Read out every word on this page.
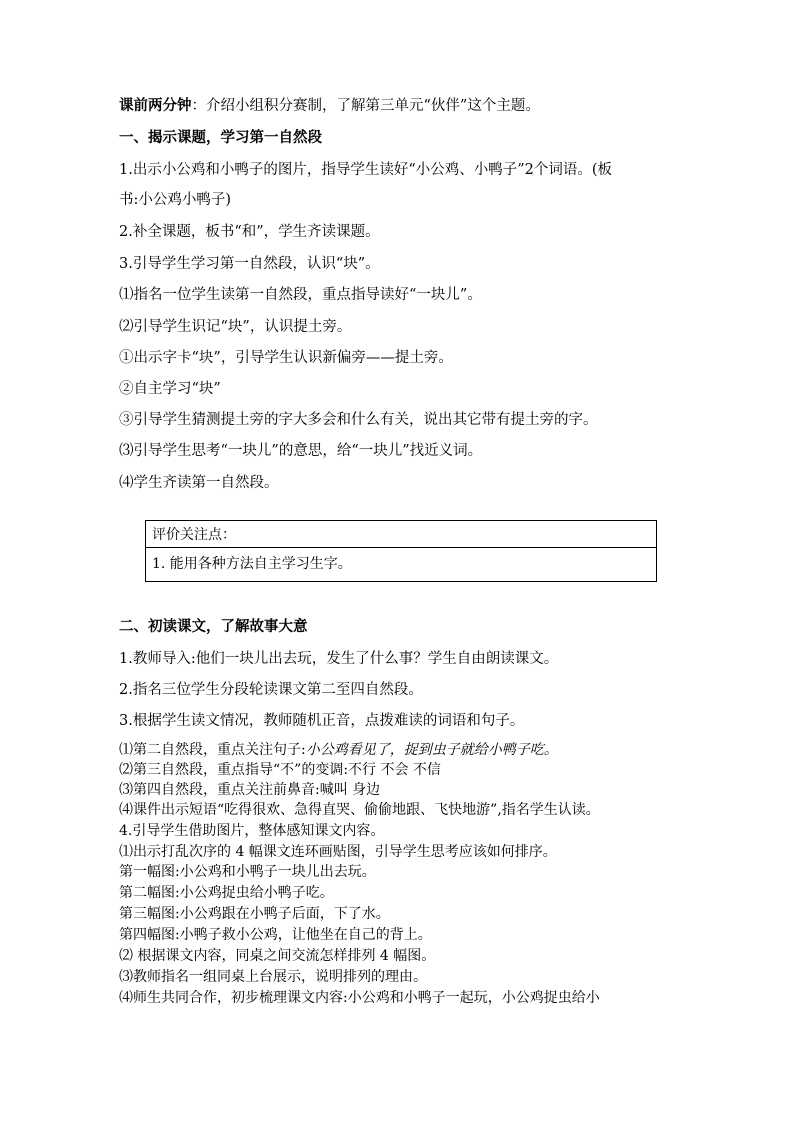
课前两分钟：介绍小组积分赛制，了解第三单元“伙伴”这个主题。
一、揭示课题，学习第一自然段
1.出示小公鸡和小鸭子的图片，指导学生读好“小公鸡、小鸭子”2个词语。(板
书:小公鸡小鸭子)
2.补全课题，板书“和”，学生齐读课题。
3.引导学生学习第一自然段，认识“块”。
⑴指名一位学生读第一自然段，重点指导读好“一块儿”。
⑵引导学生识记“块”，认识提土旁。
①出示字卡“块”，引导学生认识新偏旁——提土旁。
②自主学习“块”
③引导学生猜测提土旁的字大多会和什么有关，说出其它带有提土旁的字。
⑶引导学生思考“一块儿”的意思，给“一块儿”找近义词。
⑷学生齐读第一自然段。
评价关注点：
1. 能用各种方法自主学习生字。
二、初读课文，了解故事大意
1.教师导入:他们一块儿出去玩，发生了什么事？学生自由朗读课文。
2.指名三位学生分段轮读课文第二至四自然段。
3.根据学生读文情况，教师随机正音，点拨难读的词语和句子。
⑴第二自然段，重点关注句子:小公鸡看见了，捉到虫子就给小鸭子吃。
⑵第三自然段，重点指导“不”的变调:不行 不会 不信
⑶第四自然段，重点关注前鼻音:喊叫 身边
⑷课件出示短语“吃得很欢、急得直哭、偷偷地跟、飞快地游”,指名学生认读。
4.引导学生借助图片，整体感知课文内容。
⑴出示打乱次序的 4 幅课文连环画贴图，引导学生思考应该如何排序。
第一幅图:小公鸡和小鸭子一块儿出去玩。
第二幅图:小公鸡捉虫给小鸭子吃。
第三幅图:小公鸡跟在小鸭子后面，下了水。
第四幅图:小鸭子救小公鸡，让他坐在自己的背上。
⑵ 根据课文内容，同桌之间交流怎样排列 4 幅图。
⑶教师指名一组同桌上台展示，说明排列的理由。
⑷师生共同合作，初步梳理课文内容:小公鸡和小鸭子一起玩，小公鸡捉虫给小
